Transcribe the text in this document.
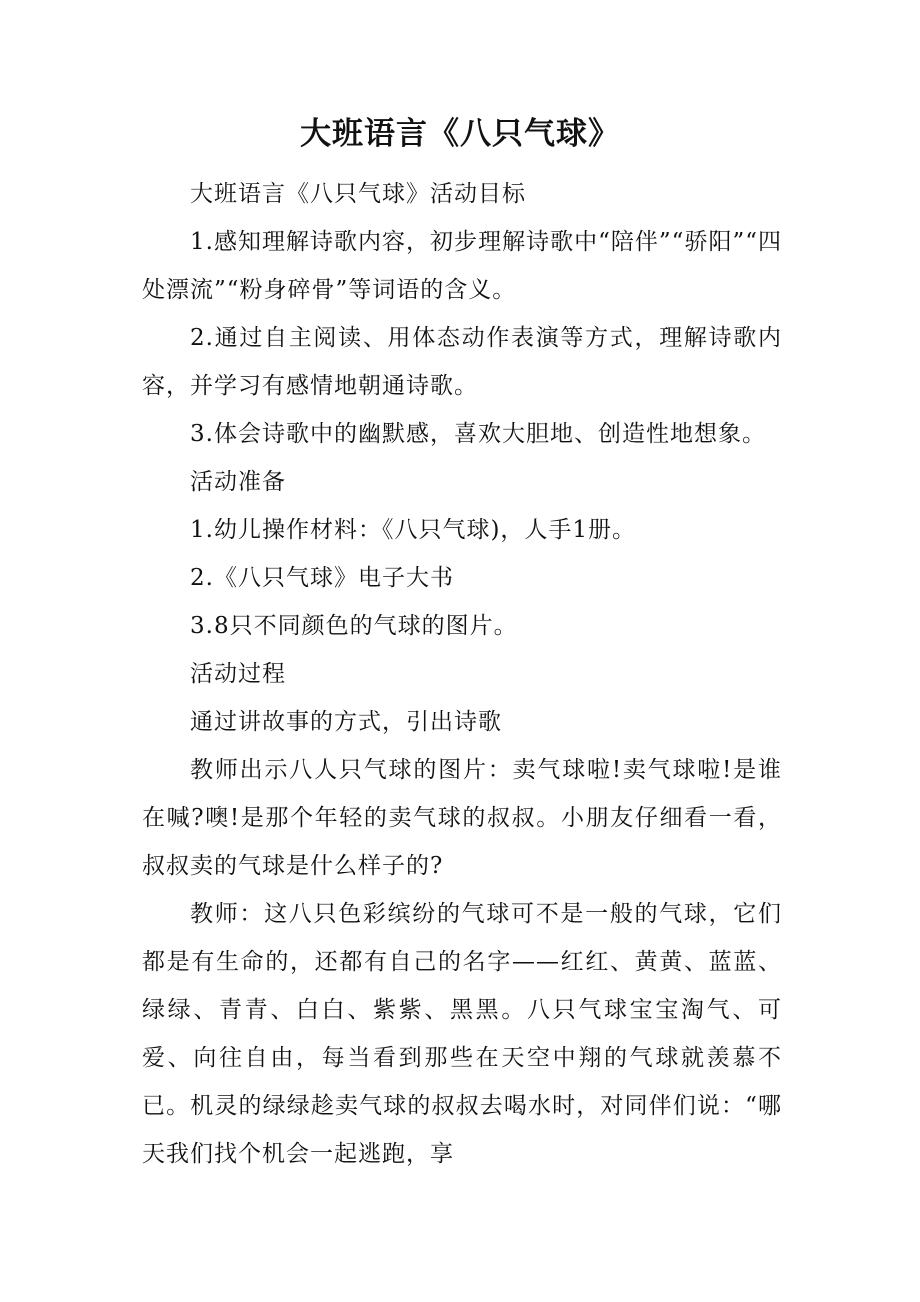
大班语言《八只气球》

大班语言《八只气球》活动目标

1.感知理解诗歌内容，初步理解诗歌中“陪伴”“骄阳”“四处漂流”“粉身碎骨”等词语的含义。

2.通过自主阅读、用体态动作表演等方式，理解诗歌内容，并学习有感情地朝通诗歌。

3.体会诗歌中的幽默感，喜欢大胆地、创造性地想象。

活动准备

1.幼儿操作材料：《八只气球)，人手1册。

2.《八只气球》电子大书

3.8只不同颜色的气球的图片。

活动过程

通过讲故事的方式，引出诗歌

教师出示八人只气球的图片：卖气球啦!卖气球啦!是谁在喊?噢!是那个年轻的卖气球的叔叔。小朋友仔细看一看，叔叔卖的气球是什么样子的?

教师：这八只色彩缤纷的气球可不是一般的气球，它们都是有生命的，还都有自己的名字——红红、黄黄、蓝蓝、绿绿、青青、白白、紫紫、黑黑。八只气球宝宝淘气、可爱、向往自由，每当看到那些在天空中翔的气球就羡慕不已。机灵的绿绿趁卖气球的叔叔去喝水时，对同伴们说：“哪天我们找个机会一起逃跑，享
